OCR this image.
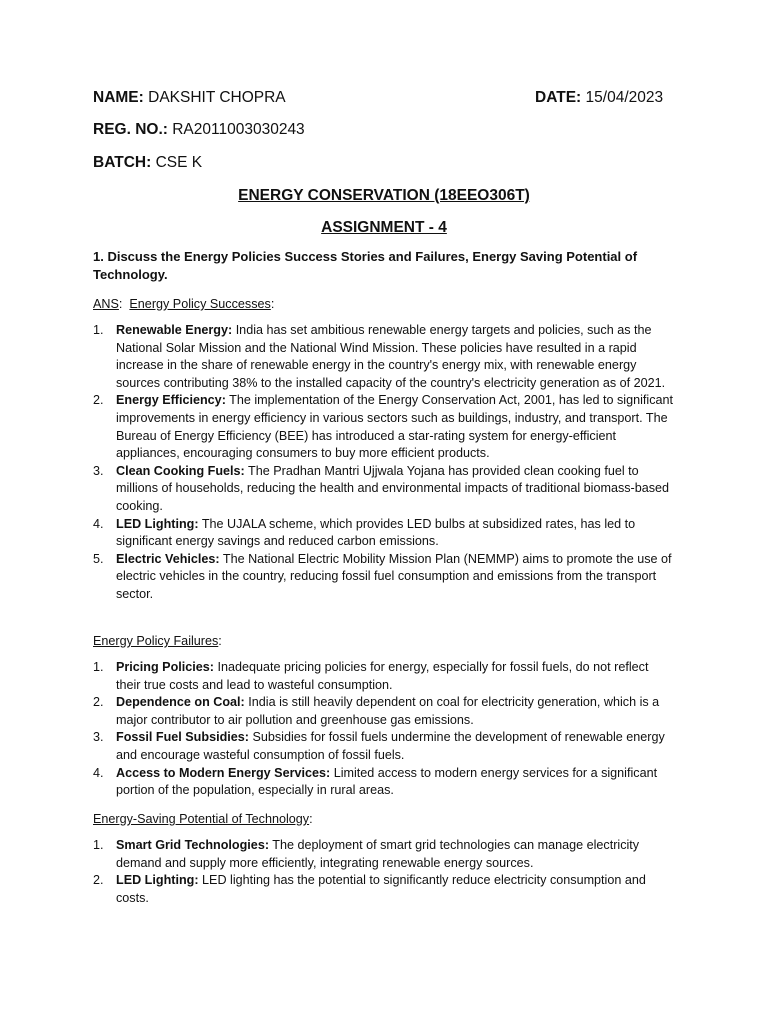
NAME: DAKSHIT CHOPRA	DATE: 15/04/2023
REG. NO.: RA2011003030243
BATCH: CSE K
ENERGY CONSERVATION (18EEO306T)
ASSIGNMENT - 4
1. Discuss the Energy Policies Success Stories and Failures, Energy Saving Potential of Technology.
ANS:  Energy Policy Successes:
1. Renewable Energy: India has set ambitious renewable energy targets and policies, such as the National Solar Mission and the National Wind Mission. These policies have resulted in a rapid increase in the share of renewable energy in the country's energy mix, with renewable energy sources contributing 38% to the installed capacity of the country's electricity generation as of 2021.
2. Energy Efficiency: The implementation of the Energy Conservation Act, 2001, has led to significant improvements in energy efficiency in various sectors such as buildings, industry, and transport. The Bureau of Energy Efficiency (BEE) has introduced a star-rating system for energy-efficient appliances, encouraging consumers to buy more efficient products.
3. Clean Cooking Fuels: The Pradhan Mantri Ujjwala Yojana has provided clean cooking fuel to millions of households, reducing the health and environmental impacts of traditional biomass-based cooking.
4. LED Lighting: The UJALA scheme, which provides LED bulbs at subsidized rates, has led to significant energy savings and reduced carbon emissions.
5. Electric Vehicles: The National Electric Mobility Mission Plan (NEMMP) aims to promote the use of electric vehicles in the country, reducing fossil fuel consumption and emissions from the transport sector.
Energy Policy Failures:
1. Pricing Policies: Inadequate pricing policies for energy, especially for fossil fuels, do not reflect their true costs and lead to wasteful consumption.
2. Dependence on Coal: India is still heavily dependent on coal for electricity generation, which is a major contributor to air pollution and greenhouse gas emissions.
3. Fossil Fuel Subsidies: Subsidies for fossil fuels undermine the development of renewable energy and encourage wasteful consumption of fossil fuels.
4. Access to Modern Energy Services: Limited access to modern energy services for a significant portion of the population, especially in rural areas.
Energy-Saving Potential of Technology:
1. Smart Grid Technologies: The deployment of smart grid technologies can manage electricity demand and supply more efficiently, integrating renewable energy sources.
2. LED Lighting: LED lighting has the potential to significantly reduce electricity consumption and costs.
